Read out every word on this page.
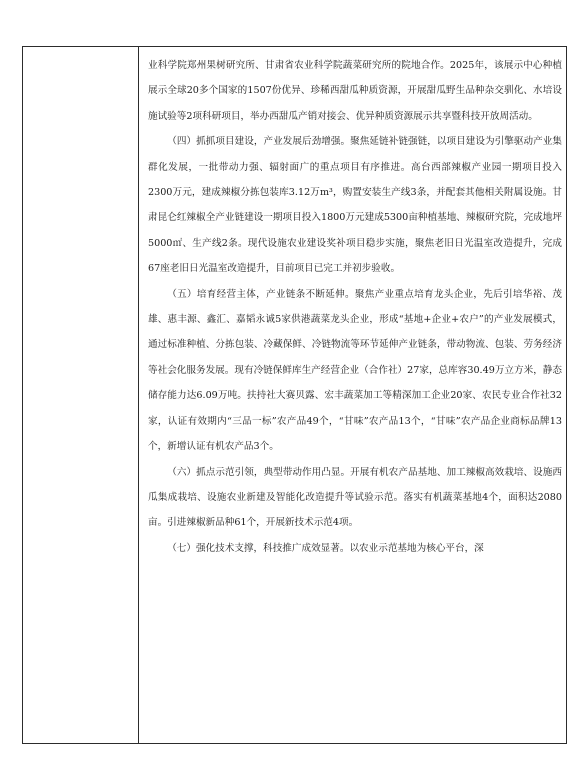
业科学院郑州果树研究所、甘肃省农业科学院蔬菜研究所的院地合作。2025年，该展示中心种植展示全球20多个国家的1507份优异、珍稀西甜瓜种质资源，开展甜瓜野生品种杂交驯化、水培设施试验等2项科研项目，举办西甜瓜产销对接会、优异种质资源展示共享暨科技开放周活动。

（四）抓抓项目建设，产业发展后劲增强。聚焦延链补链强链，以项目建设为引擎驱动产业集群化发展，一批带动力强、辐射面广的重点项目有序推进。高台西部辣椒产业园一期项目投入2300万元，建成辣椒分拣包装库3.12万m³，购置安装生产线3条，并配套其他相关附属设施。甘肃昆仑红辣椒全产业链建设一期项目投入1800万元建成5300亩种植基地、辣椒研究院，完成地坪5000㎡、生产线2条。现代设施农业建设奖补项目稳步实施，聚焦老旧日光温室改造提升，完成67座老旧日光温室改造提升，目前项目已完工并初步验收。

（五）培育经营主体，产业链条不断延伸。聚焦产业重点培育龙头企业，先后引培华裕、茂雄、惠丰源、鑫汇、嘉韬永诚5家供港蔬菜龙头企业，形成“基地+企业+农户”的产业发展模式，通过标准种植、分拣包装、冷藏保鲜、冷链物流等环节延伸产业链条，带动物流、包装、劳务经济等社会化服务发展。现有冷链保鲜库生产经营企业（合作社）27家，总库容30.49万立方米，静态储存能力达6.09万吨。扶持社大赛贝露、宏丰蔬菜加工等精深加工企业20家、农民专业合作社32家，认证有效期内“三品一标”农产品49个，“甘味”农产品13个，“甘味”农产品企业商标品牌13个，新增认证有机农产品3个。

（六）抓点示范引领，典型带动作用凸显。开展有机农产品基地、加工辣椒高效栽培、设施西瓜集成栽培、设施农业新建及智能化改造提升等试验示范。落实有机蔬菜基地4个，面积达2080亩。引进辣椒新品种61个，开展新技术示范4项。

（七）强化技术支撑，科技推广成效显著。以农业示范基地为核心平台，深
